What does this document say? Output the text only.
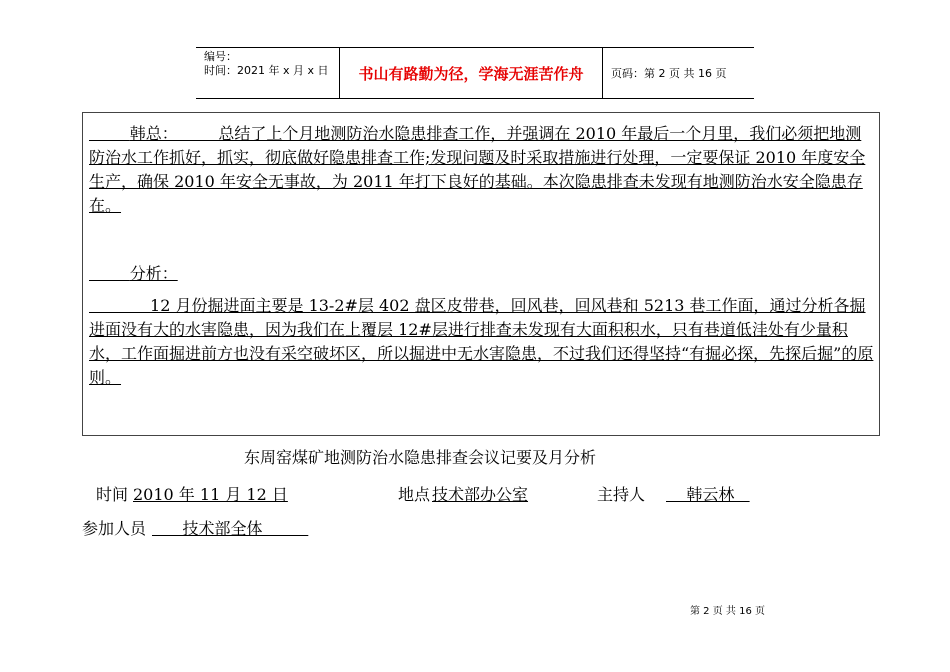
编号：
时间：2021 年 x 月 x 日	书山有路勤为径，学海无涯苦作舟	页码：第 2 页 共 16 页
韩总：        总结了上个月地测防治水隐患排查工作，并强调在 2010 年最后一个月里，我们必须把地测防治水工作抓好，抓实，彻底做好隐患排查工作;发现问题及时采取措施进行处理，一定要保证 2010 年度安全生产，确保 2010 年安全无事故，为 2011 年打下良好的基础。本次隐患排查未发现有地测防治水安全隐患存在。
分析：
12 月份掘进面主要是 13-2#层 402 盘区皮带巷，回风巷，回风巷和 5213 巷工作面，通过分析各掘进面没有大的水害隐患，因为我们在上覆层 12#层进行排查未发现有大面积积水，只有巷道低洼处有少量积水，工作面掘进前方也没有采空破坏区，所以掘进中无水害隐患，不过我们还得坚持“有掘必探，先探后掘”的原则。
东周窑煤矿地测防治水隐患排查会议记要及月分析
时间 2010 年 11 月 12 日	地点 技术部办公室	主持人 韩云林
参加人员 技术部全体
第 2 页 共 16 页
